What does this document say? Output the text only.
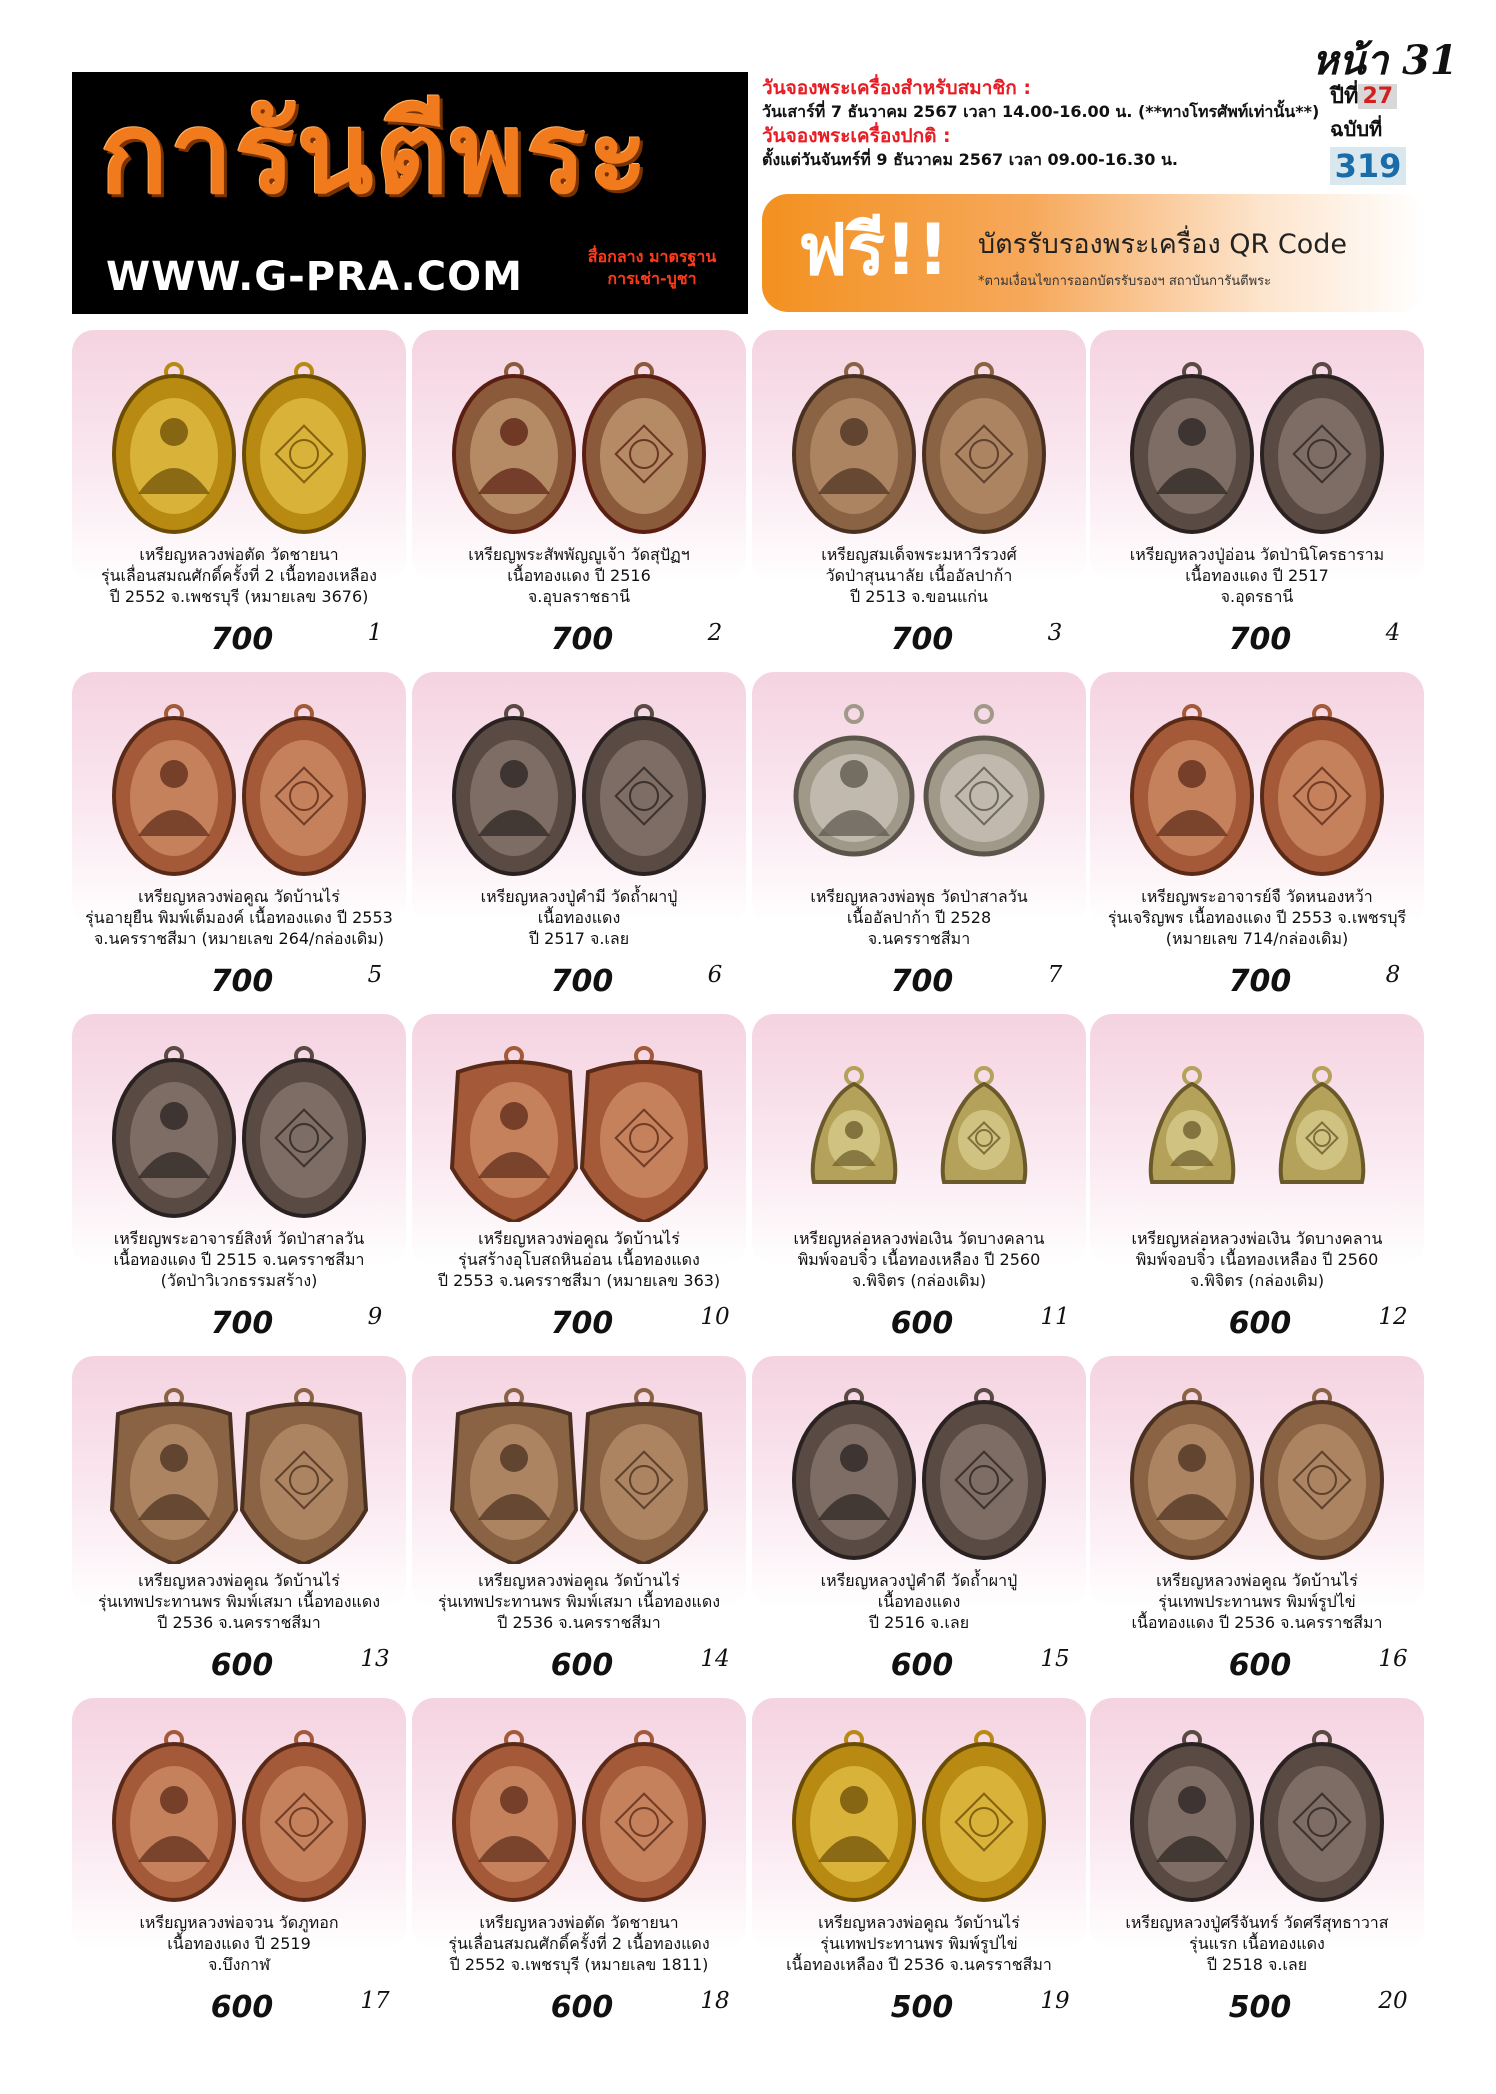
หน้า 31
การันตีพระ
WWW.G-PRA.COM	สื่อกลาง มาตรฐาน
การเช่า-บูชา
วันจองพระเครื่องสำหรับสมาชิก :
วันเสาร์ที่ 7 ธันวาคม 2567 เวลา 14.00-16.00 น. (**ทางโทรศัพท์เท่านั้น**)
วันจองพระเครื่องปกติ :
ตั้งแต่วันจันทร์ที่ 9 ธันวาคม 2567 เวลา 09.00-16.30 น.
ปีที่ 27
ฉบับที่
319
ฟรี!! บัตรรับรองพระเครื่อง QR Code
*ตามเงื่อนไขการออกบัตรรับรองฯ สถาบันการันตีพระ
เหรียญหลวงพ่อตัด วัดชายนา
รุ่นเลื่อนสมณศักดิ์ครั้งที่ 2 เนื้อทองเหลือง
ปี 2552 จ.เพชรบุรี (หมายเลข 3676)
700	1
เหรียญพระสัพพัญญูเจ้า วัดสุปัฏฯ
เนื้อทองแดง ปี 2516
จ.อุบลราชธานี
700	2
เหรียญสมเด็จพระมหาวีรวงศ์
วัดป่าสุนนาลัย เนื้ออัลปาก้า
ปี 2513 จ.ขอนแก่น
700	3
เหรียญหลวงปู่อ่อน วัดป่านิโครธาราม
เนื้อทองแดง ปี 2517
จ.อุดรธานี
700	4
เหรียญหลวงพ่อคูณ วัดบ้านไร่
รุ่นอายุยืน พิมพ์เต็มองค์ เนื้อทองแดง ปี 2553
จ.นครราชสีมา (หมายเลข 264/กล่องเดิม)
700	5
เหรียญหลวงปู่คำมี วัดถ้ำผาปู่
เนื้อทองแดง
ปี 2517 จ.เลย
700	6
เหรียญหลวงพ่อพุธ วัดป่าสาลวัน
เนื้ออัลปาก้า ปี 2528
จ.นครราชสีมา
700	7
เหรียญพระอาจารย์จื วัดหนองหว้า
รุ่นเจริญพร เนื้อทองแดง ปี 2553 จ.เพชรบุรี
(หมายเลข 714/กล่องเดิม)
700	8
เหรียญพระอาจารย์สิงห์ วัดป่าสาลวัน
เนื้อทองแดง ปี 2515 จ.นครราชสีมา
(วัดป่าวิเวกธรรมสร้าง)
700	9
เหรียญหลวงพ่อคูณ วัดบ้านไร่
รุ่นสร้างอุโบสถหินอ่อน เนื้อทองแดง
ปี 2553 จ.นครราชสีมา (หมายเลข 363)
700	10
เหรียญหล่อหลวงพ่อเงิน วัดบางคลาน
พิมพ์จอบจิ๋ว เนื้อทองเหลือง ปี 2560
จ.พิจิตร (กล่องเดิม)
600	11
เหรียญหล่อหลวงพ่อเงิน วัดบางคลาน
พิมพ์จอบจิ๋ว เนื้อทองเหลือง ปี 2560
จ.พิจิตร (กล่องเดิม)
600	12
เหรียญหลวงพ่อคูณ วัดบ้านไร่
รุ่นเทพประทานพร พิมพ์เสมา เนื้อทองแดง
ปี 2536 จ.นครราชสีมา
600	13
เหรียญหลวงพ่อคูณ วัดบ้านไร่
รุ่นเทพประทานพร พิมพ์เสมา เนื้อทองแดง
ปี 2536 จ.นครราชสีมา
600	14
เหรียญหลวงปู่คำดี วัดถ้ำผาปู่
เนื้อทองแดง
ปี 2516 จ.เลย
600	15
เหรียญหลวงพ่อคูณ วัดบ้านไร่
รุ่นเทพประทานพร พิมพ์รูปไข่
เนื้อทองแดง ปี 2536 จ.นครราชสีมา
600	16
เหรียญหลวงพ่อจวน วัดภูทอก
เนื้อทองแดง ปี 2519
จ.บึงกาฬ
600	17
เหรียญหลวงพ่อตัด วัดชายนา
รุ่นเลื่อนสมณศักดิ์ครั้งที่ 2 เนื้อทองแดง
ปี 2552 จ.เพชรบุรี (หมายเลข 1811)
600	18
เหรียญหลวงพ่อคูณ วัดบ้านไร่
รุ่นเทพประทานพร พิมพ์รูปไข่
เนื้อทองเหลือง ปี 2536 จ.นครราชสีมา
500	19
เหรียญหลวงปู่ศรีจันทร์ วัดศรีสุทธาวาส
รุ่นแรก เนื้อทองแดง
ปี 2518 จ.เลย
500	20
